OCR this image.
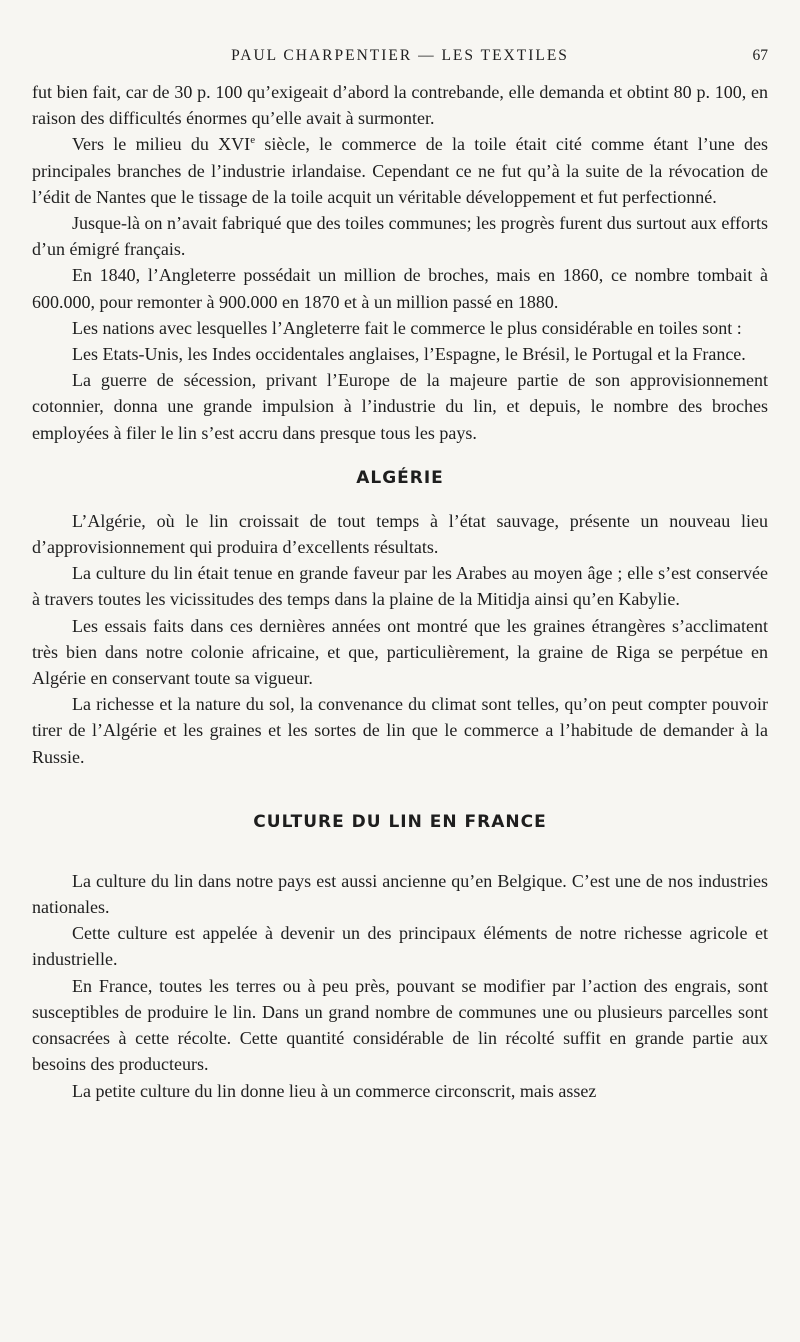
PAUL CHARPENTIER — LES TEXTILES	67

fut bien fait, car de 30 p. 100 qu’exigeait d’abord la contrebande, elle demanda et obtint 80 p. 100, en raison des difficultés énormes qu’elle avait à surmonter.

Vers le milieu du XVIe siècle, le commerce de la toile était cité comme étant l’une des principales branches de l’industrie irlandaise. Cependant ce ne fut qu’à la suite de la révocation de l’édit de Nantes que le tissage de la toile acquit un véritable développement et fut perfectionné.

Jusque-là on n’avait fabriqué que des toiles communes; les progrès furent dus surtout aux efforts d’un émigré français.

En 1840, l’Angleterre possédait un million de broches, mais en 1860, ce nombre tombait à 600.000, pour remonter à 900.000 en 1870 et à un million passé en 1880.

Les nations avec lesquelles l’Angleterre fait le commerce le plus considérable en toiles sont :

Les Etats-Unis, les Indes occidentales anglaises, l’Espagne, le Brésil, le Portugal et la France.

La guerre de sécession, privant l’Europe de la majeure partie de son approvisionnement cotonnier, donna une grande impulsion à l’industrie du lin, et depuis, le nombre des broches employées à filer le lin s’est accru dans presque tous les pays.

ALGÉRIE

L’Algérie, où le lin croissait de tout temps à l’état sauvage, présente un nouveau lieu d’approvisionnement qui produira d’excellents résultats.

La culture du lin était tenue en grande faveur par les Arabes au moyen âge ; elle s’est conservée à travers toutes les vicissitudes des temps dans la plaine de la Mitidja ainsi qu’en Kabylie.

Les essais faits dans ces dernières années ont montré que les graines étrangères s’acclimatent très bien dans notre colonie africaine, et que, particulièrement, la graine de Riga se perpétue en Algérie en conservant toute sa vigueur.

La richesse et la nature du sol, la convenance du climat sont telles, qu’on peut compter pouvoir tirer de l’Algérie et les graines et les sortes de lin que le commerce a l’habitude de demander à la Russie.

CULTURE DU LIN EN FRANCE

La culture du lin dans notre pays est aussi ancienne qu’en Belgique. C’est une de nos industries nationales.

Cette culture est appelée à devenir un des principaux éléments de notre richesse agricole et industrielle.

En France, toutes les terres ou à peu près, pouvant se modifier par l’action des engrais, sont susceptibles de produire le lin. Dans un grand nombre de communes une ou plusieurs parcelles sont consacrées à cette récolte. Cette quantité considérable de lin récolté suffit en grande partie aux besoins des producteurs.

La petite culture du lin donne lieu à un commerce circonscrit, mais assez
